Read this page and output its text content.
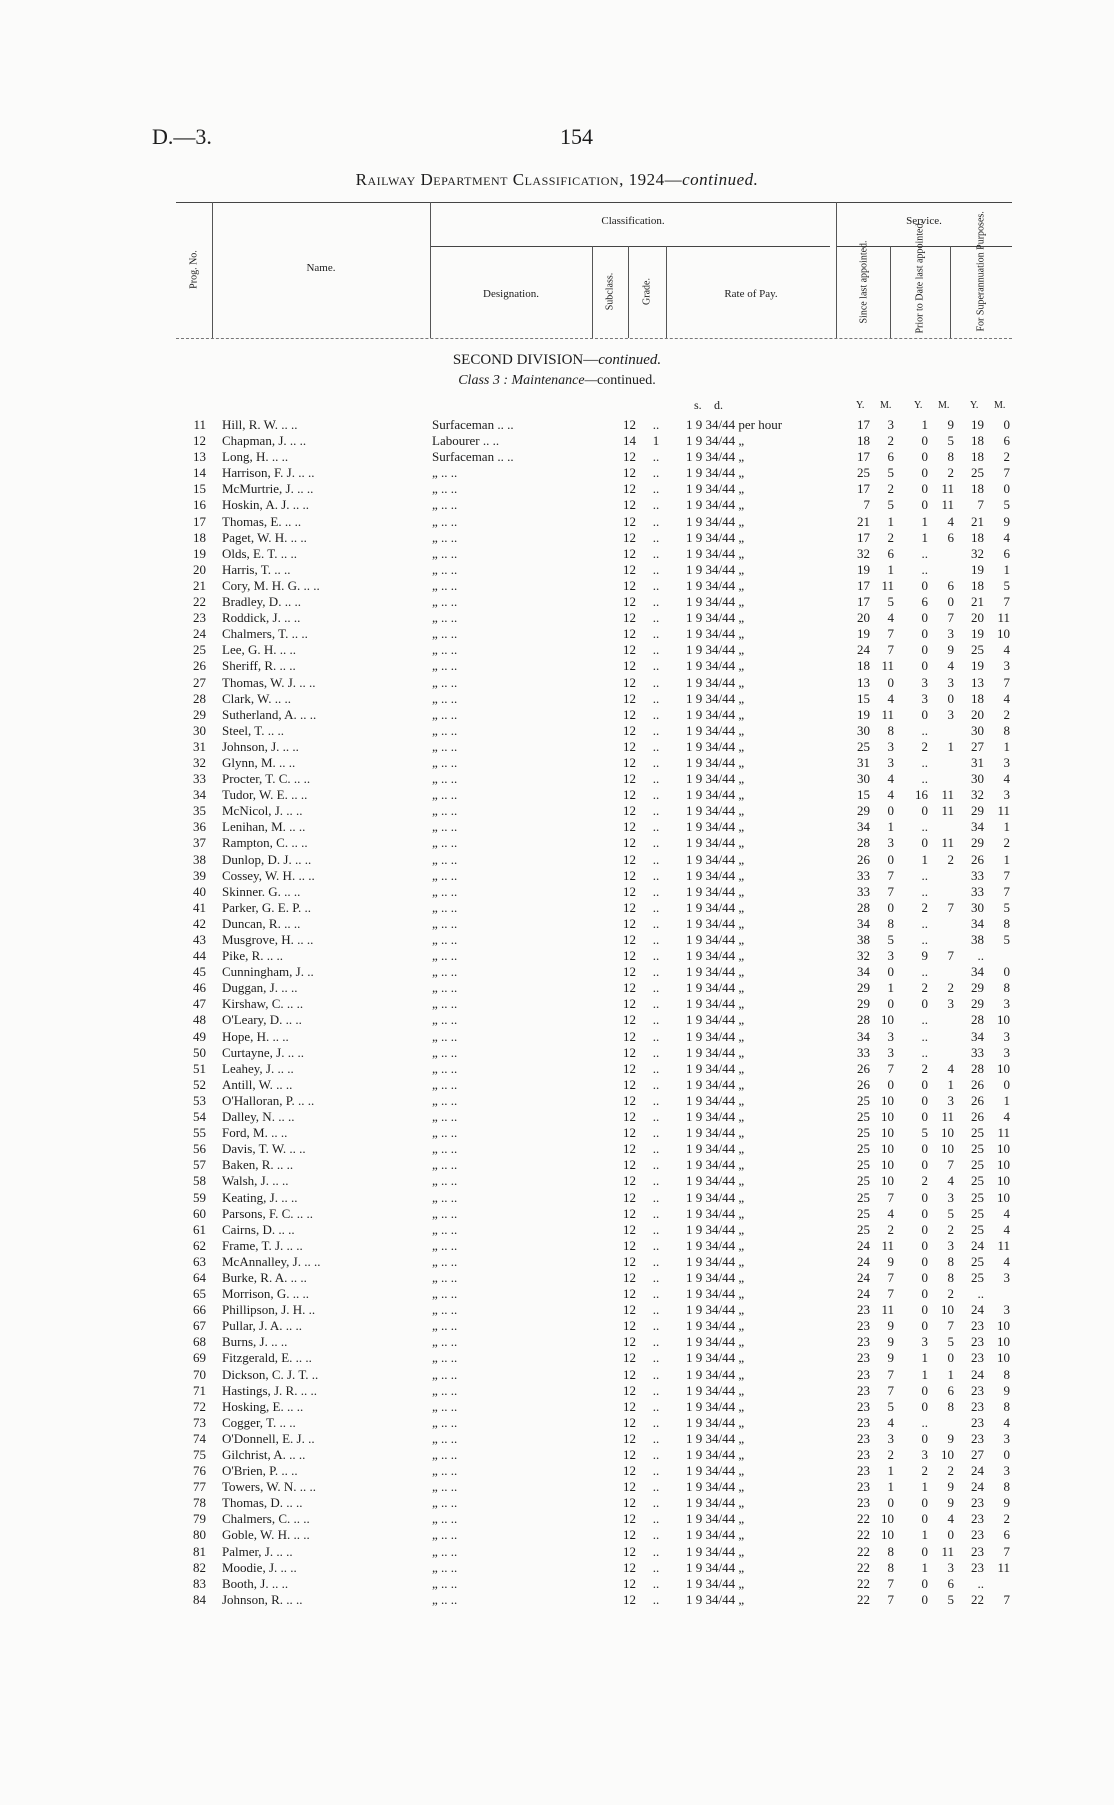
D.—3.	154
Railway Department Classification, 1924—continued.
Prog. No.	Name.
Classification.
Designation.	Subclass.	Grade.	Rate of Pay.
Service.
Since last appointed.	Prior to Date last appointed.	For Superannuation Purposes.
SECOND DIVISION—continued.
Class 3 : Maintenance—continued.
s. d.	Y. M. Y. M. Y. M.
11 Hill, R. W. .. ..	Surfaceman .. ..	12	..	1 9 34/44 per hour	17	3	1	9	19	0
12 Chapman, J. .. ..	Labourer .. ..	14	1	1 9 34/44 „	18	2	0	5	18	6
13 Long, H. .. ..	Surfaceman .. ..	12	..	1 9 34/44 „	17	6	0	8	18	2
14 Harrison, F. J. .. ..	„ .. ..	12	..	1 9 34/44 „	25	5	0	2	25	7
15 McMurtrie, J. .. ..	„ .. ..	12	..	1 9 34/44 „	17	2	0	11	18	0
16 Hoskin, A. J. .. ..	„ .. ..	12	..	1 9 34/44 „	7	5	0	11	7	5
17 Thomas, E. .. ..	„ .. ..	12	..	1 9 34/44 „	21	1	1	4	21	9
18 Paget, W. H. .. ..	„ .. ..	12	..	1 9 34/44 „	17	2	1	6	18	4
19 Olds, E. T. .. ..	„ .. ..	12	..	1 9 34/44 „	32	6	..	32	6
20 Harris, T. .. ..	„ .. ..	12	..	1 9 34/44 „	19	1	..	19	1
21 Cory, M. H. G. .. ..	„ .. ..	12	..	1 9 34/44 „	17 11	0	6	18	5
22 Bradley, D. .. ..	„ .. ..	12	..	1 9 34/44 „	17	5	6	0	21	7
23 Roddick, J. .. ..	„ .. ..	12	..	1 9 34/44 „	20	4	0	7	20	11
24 Chalmers, T. .. ..	„ .. ..	12	..	1 9 34/44 „	19	7	0	3	19	10
25 Lee, G. H. .. ..	„ .. ..	12	..	1 9 34/44 „	24	7	0	9	25	4
26 Sheriff, R. .. ..	„ .. ..	12	..	1 9 34/44 „	18 11	0	4	19	3
27 Thomas, W. J. .. ..	„ .. ..	12	..	1 9 34/44 „	13	0	3	3	13	7
28 Clark, W. .. ..	„ .. ..	12	..	1 9 34/44 „	15	4	3	0	18	4
29 Sutherland, A. .. ..	„ .. ..	12	..	1 9 34/44 „	19 11	0	3	20	2
30 Steel, T. .. ..	„ .. ..	12	..	1 9 34/44 „	30	8	..	30	8
31 Johnson, J. .. ..	„ .. ..	12	..	1 9 34/44 „	25	3	2	1	27	1
32 Glynn, M. .. ..	„ .. ..	12	..	1 9 34/44 „	31	3	..	31	3
33 Procter, T. C. .. ..	„ .. ..	12	..	1 9 34/44 „	30	4	..	30	4
34 Tudor, W. E. .. ..	„ .. ..	12	..	1 9 34/44 „	15	4	16	11	32	3
35 McNicol, J. .. ..	„ .. ..	12	..	1 9 34/44 „	29	0	0	11	29	11
36 Lenihan, M. .. ..	„ .. ..	12	..	1 9 34/44 „	34	1	..	34	1
37 Rampton, C. .. ..	„ .. ..	12	..	1 9 34/44 „	28	3	0	11	29	2
38 Dunlop, D. J. .. ..	„ .. ..	12	..	1 9 34/44 „	26	0	1	2	26	1
39 Cossey, W. H. .. ..	„ .. ..	12	..	1 9 34/44 „	33	7	..	33	7
40 Skinner. G. .. ..	„ .. ..	12	..	1 9 34/44 „	33	7	..	33	7
41 Parker, G. E. P. ..	„ .. ..	12	..	1 9 34/44 „	28	0	2	7	30	5
42 Duncan, R. .. ..	„ .. ..	12	..	1 9 34/44 „	34	8	..	34	8
43 Musgrove, H. .. ..	„ .. ..	12	..	1 9 34/44 „	38	5	..	38	5
44 Pike, R. .. ..	„ .. ..	12	..	1 9 34/44 „	32	3	9	7	..
45 Cunningham, J. ..	„ .. ..	12	..	1 9 34/44 „	34	0	..	34	0
46 Duggan, J. .. ..	„ .. ..	12	..	1 9 34/44 „	29	1	2	2	29	8
47 Kirshaw, C. .. ..	„ .. ..	12	..	1 9 34/44 „	29	0	0	3	29	3
48 O'Leary, D. .. ..	„ .. ..	12	..	1 9 34/44 „	28 10	..	28	10
49 Hope, H. .. ..	„ .. ..	12	..	1 9 34/44 „	34	3	..	34	3
50 Curtayne, J. .. ..	„ .. ..	12	..	1 9 34/44 „	33	3	..	33	3
51 Leahey, J. .. ..	„ .. ..	12	..	1 9 34/44 „	26	7	2	4	28	10
52 Antill, W. .. ..	„ .. ..	12	..	1 9 34/44 „	26	0	0	1	26	0
53 O'Halloran, P. .. ..	„ .. ..	12	..	1 9 34/44 „	25 10	0	3	26	1
54 Dalley, N. .. ..	„ .. ..	12	..	1 9 34/44 „	25 10	0	11	26	4
55 Ford, M. .. ..	„ .. ..	12	..	1 9 34/44 „	25 10	5	10	25	11
56 Davis, T. W. .. ..	„ .. ..	12	..	1 9 34/44 „	25 10	0	10	25	10
57 Baken, R. .. ..	„ .. ..	12	..	1 9 34/44 „	25 10	0	7	25	10
58 Walsh, J. .. ..	„ .. ..	12	..	1 9 34/44 „	25 10	2	4	25	10
59 Keating, J. .. ..	„ .. ..	12	..	1 9 34/44 „	25	7	0	3	25	10
60 Parsons, F. C. .. ..	„ .. ..	12	..	1 9 34/44 „	25	4	0	5	25	4
61 Cairns, D. .. ..	„ .. ..	12	..	1 9 34/44 „	25	2	0	2	25	4
62 Frame, T. J. .. ..	„ .. ..	12	..	1 9 34/44 „	24 11	0	3	24	11
63 McAnnalley, J. .. ..	„ .. ..	12	..	1 9 34/44 „	24	9	0	8	25	4
64 Burke, R. A. .. ..	„ .. ..	12	..	1 9 34/44 „	24	7	0	8	25	3
65 Morrison, G. .. ..	„ .. ..	12	..	1 9 34/44 „	24	7	0	2	..
66 Phillipson, J. H. ..	„ .. ..	12	..	1 9 34/44 „	23 11	0	10	24	3
67 Pullar, J. A. .. ..	„ .. ..	12	..	1 9 34/44 „	23	9	0	7	23	10
68 Burns, J. .. ..	„ .. ..	12	..	1 9 34/44 „	23	9	3	5	23	10
69 Fitzgerald, E. .. ..	„ .. ..	12	..	1 9 34/44 „	23	9	1	0	23	10
70 Dickson, C. J. T. ..	„ .. ..	12	..	1 9 34/44 „	23	7	1	1	24	8
71 Hastings, J. R. .. ..	„ .. ..	12	..	1 9 34/44 „	23	7	0	6	23	9
72 Hosking, E. .. ..	„ .. ..	12	..	1 9 34/44 „	23	5	0	8	23	8
73 Cogger, T. .. ..	„ .. ..	12	..	1 9 34/44 „	23	4	..	23	4
74 O'Donnell, E. J. ..	„ .. ..	12	..	1 9 34/44 „	23	3	0	9	23	3
75 Gilchrist, A. .. ..	„ .. ..	12	..	1 9 34/44 „	23	2	3	10	27	0
76 O'Brien, P. .. ..	„ .. ..	12	..	1 9 34/44 „	23	1	2	2	24	3
77 Towers, W. N. .. ..	„ .. ..	12	..	1 9 34/44 „	23	1	1	9	24	8
78 Thomas, D. .. ..	„ .. ..	12	..	1 9 34/44 „	23	0	0	9	23	9
79 Chalmers, C. .. ..	„ .. ..	12	..	1 9 34/44 „	22 10	0	4	23	2
80 Goble, W. H. .. ..	„ .. ..	12	..	1 9 34/44 „	22 10	1	0	23	6
81 Palmer, J. .. ..	„ .. ..	12	..	1 9 34/44 „	22	8	0	11	23	7
82 Moodie, J. .. ..	„ .. ..	12	..	1 9 34/44 „	22	8	1	3	23	11
83 Booth, J. .. ..	„ .. ..	12	..	1 9 34/44 „	22	7	0	6	..
84 Johnson, R. .. ..	„ .. ..	12	..	1 9 34/44 „	22	7	0	5	22	7
